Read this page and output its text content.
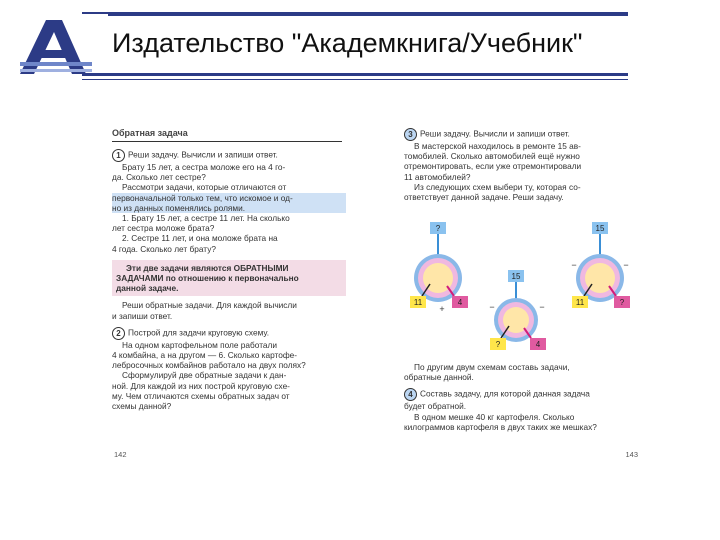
Издательство "Академкнига/Учебник"
Обратная задача
1 Реши задачу. Вычисли и запиши ответ.
Брату 15 лет, а сестра моложе его на 4 го-
да. Сколько лет сестре?
Рассмотри задачи, которые отличаются от
первоначальной только тем, что искомое и од-
но из данных поменялись ролями.
1. Брату 15 лет, а сестре 11 лет. На сколько
лет сестра моложе брата?
2. Сестре 11 лет, и она моложе брата на
4 года. Сколько лет брату?
Эти две задачи являются ОБРАТНЫМИ
ЗАДАЧАМИ по отношению к первоначально
данной задаче.
Реши обратные задачи. Для каждой вычисли
и запиши ответ.
2 Построй для задачи круговую схему.
На одном картофельном поле работали
4 комбайна, а на другом — 6. Сколько картофе-
лебросочных комбайнов работало на двух полях?
Сформулируй две обратные задачи к дан-
ной. Для каждой из них построй круговую схе-
му. Чем отличаются схемы обратных задач от
схемы данной?
142
3 Реши задачу. Вычисли и запиши ответ.
В мастерской находилось в ремонте 15 ав-
томобилей. Сколько автомобилей ещё нужно
отремонтировать, если уже отремонтировали
11 автомобилей?
Из следующих схем выбери ту, которая со-
ответствует данной задаче. Реши задачу.
?
11	4
+
15
?	4
−	−
15
11	?
−	−
По другим двум схемам составь задачи,
обратные данной.
4 Составь задачу, для которой данная задача
будет обратной.
В одном мешке 40 кг картофеля. Сколько
килограммов картофеля в двух таких же мешках?
143
